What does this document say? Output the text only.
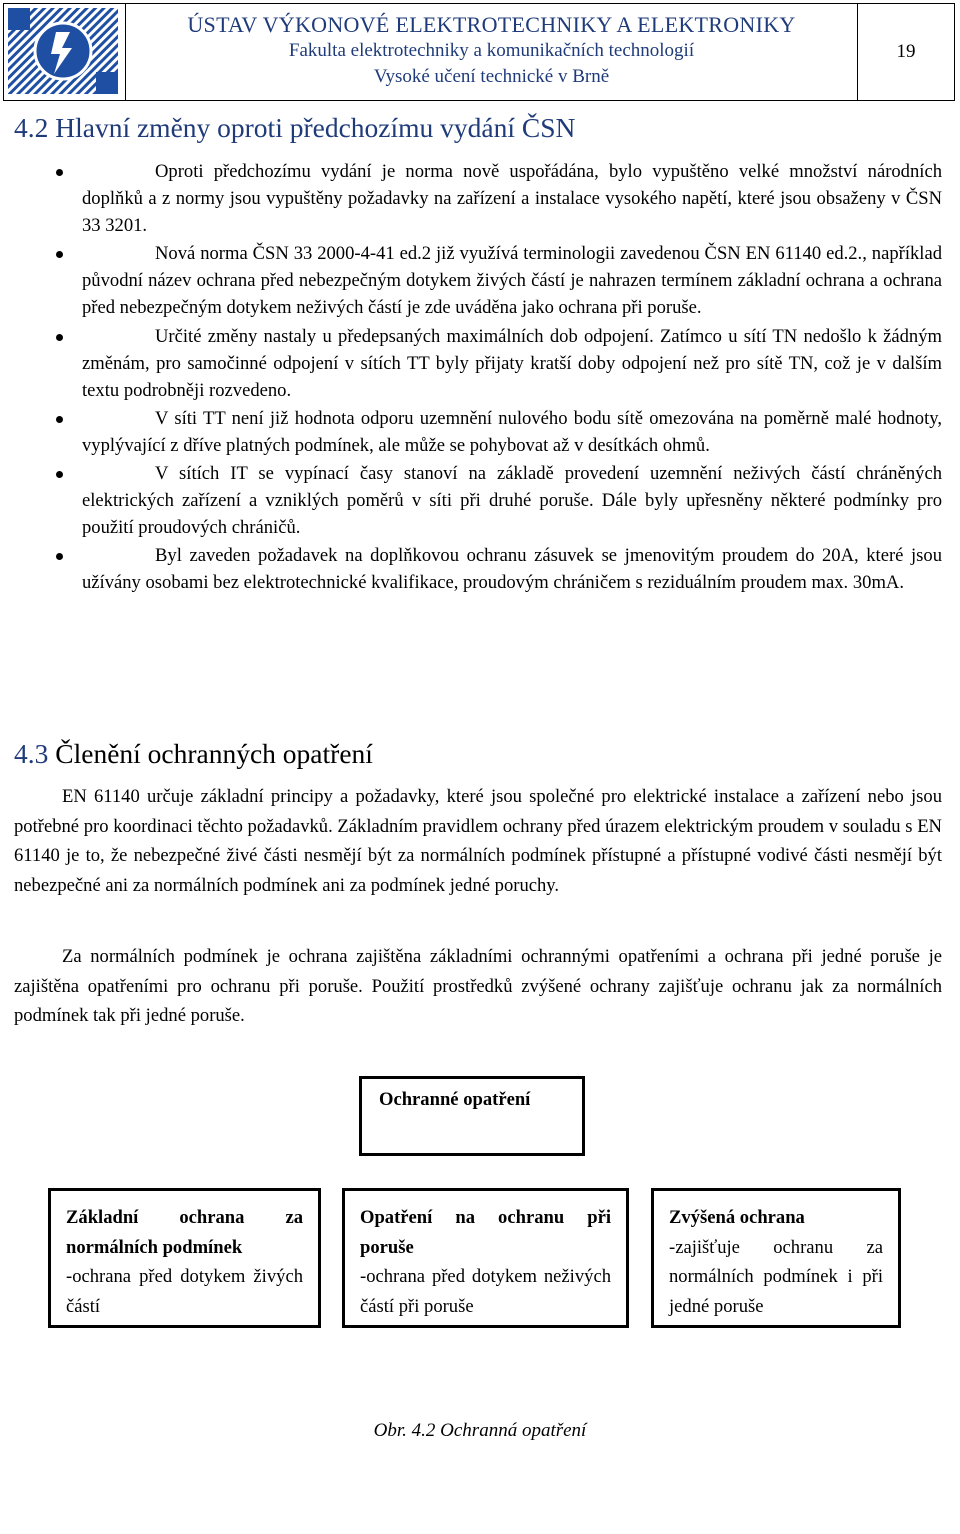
ÚSTAV VÝKONOVÉ ELEKTROTECHNIKY A ELEKTRONIKY
Fakulta elektrotechniky a komunikačních technologií
Vysoké učení technické v Brně
19
4.2 Hlavní změny oproti předchozímu vydání ČSN
Oproti předchozímu vydání je norma nově uspořádána, bylo vypuštěno velké množství národních doplňků a z normy jsou vypuštěny požadavky na zařízení a instalace vysokého napětí, které jsou obsaženy v ČSN 33 3201.
Nová norma ČSN 33 2000-4-41 ed.2 již využívá terminologii zavedenou ČSN EN 61140 ed.2., například původní název ochrana před nebezpečným dotykem živých částí je nahrazen termínem základní ochrana a ochrana před nebezpečným dotykem neživých částí je zde uváděna jako ochrana při poruše.
Určité změny nastaly u předepsaných maximálních dob odpojení. Zatímco u sítí TN nedošlo k žádným změnám, pro samočinné odpojení v sítích TT byly přijaty kratší doby odpojení než pro sítě TN, což je v dalším textu podrobněji rozvedeno.
V síti TT není již hodnota odporu uzemnění nulového bodu sítě omezována na poměrně malé hodnoty, vyplývající z dříve platných podmínek, ale může se pohybovat až v desítkách ohmů.
V sítích IT se vypínací časy stanoví na základě provedení uzemnění neživých částí chráněných elektrických zařízení a vzniklých poměrů v síti při druhé poruše. Dále byly upřesněny některé podmínky pro použití proudových chráničů.
Byl zaveden požadavek na doplňkovou ochranu zásuvek se jmenovitým proudem do 20A, které jsou užívány osobami bez elektrotechnické kvalifikace, proudovým chráničem s reziduálním proudem max. 30mA.
4.3 Členění ochranných opatření

EN 61140 určuje základní principy a požadavky, které jsou společné pro elektrické instalace a zařízení nebo jsou potřebné pro koordinaci těchto požadavků. Základním pravidlem ochrany před úrazem elektrickým proudem v souladu s EN 61140 je to, že nebezpečné živé části nesmějí být za normálních podmínek přístupné a přístupné vodivé části nesmějí být nebezpečné ani za normálních podmínek ani za podmínek jedné poruchy.

Za normálních podmínek je ochrana zajištěna základními ochrannými opatřeními a ochrana při jedné poruše je zajištěna opatřeními pro ochranu při poruše. Použití prostředků zvýšené ochrany zajišťuje ochranu jak za normálních podmínek tak při jedné poruše.

Ochranné opatření
Základní ochrana za normálních podmínek
-ochrana před dotykem živých částí
Opatření na ochranu při poruše
-ochrana před dotykem neživých částí při poruše
Zvýšená ochrana
-zajišťuje ochranu za normálních podmínek i při jedné poruše
Obr. 4.2 Ochranná opatření
